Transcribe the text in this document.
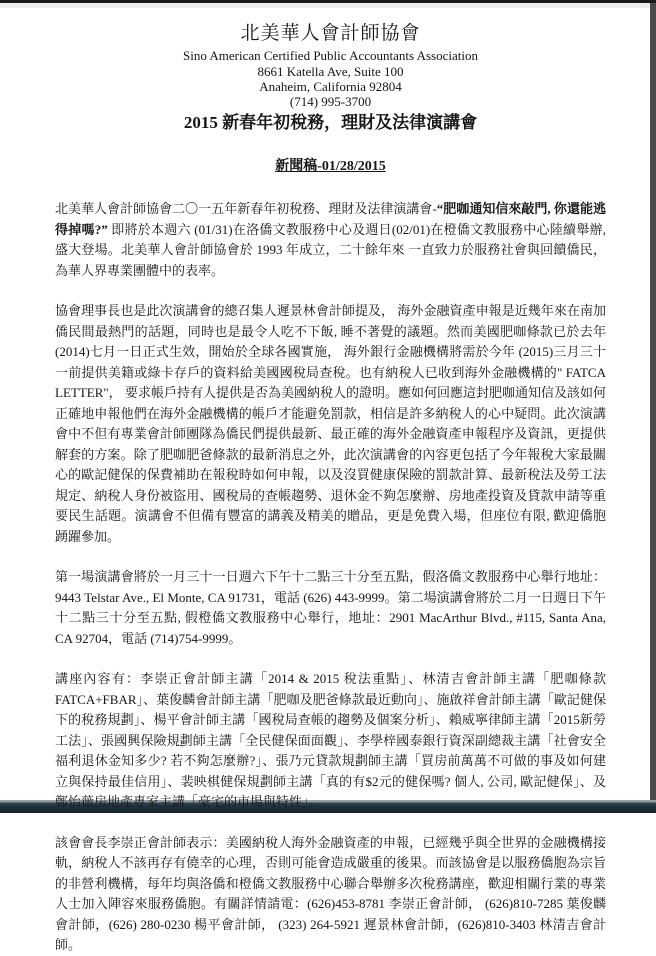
北美華人會計師協會
Sino American Certified Public Accountants Association
8661 Katella Ave, Suite 100
Anaheim, California 92804
(714) 995-3700
2015 新春年初稅務，理財及法律演講會
新聞稿-01/28/2015

北美華人會計師協會二〇一五年新春年初稅務、理財及法律演講會-“肥咖通知信來敲門, 你還能逃得掉嗎?” 即將於本週六 (01/31)在洛僑文教服務中心及週日(02/01)在橙僑文教服務中心陸續舉辦, 盛大登場。北美華人會計師協會於 1993 年成立，二十餘年來 一直致力於服務社會與回饋僑民，為華人界專業團體中的表率。

協會理事長也是此次演講會的總召集人遲景林會計師提及， 海外金融資產申報是近幾年來在南加僑民間最熱門的話題，同時也是最令人吃不下飯, 睡不著覺的議題。然而美國肥咖條款已於去年(2014)七月一日正式生效，開始於全球各國實施， 海外銀行金融機構將需於今年 (2015)三月三十一前提供美籍或綠卡存戶的資料給美國國稅局查稅。也有納稅人已收到海外金融機構的" FATCA LETTER"， 要求帳戶持有人提供是否為美國納稅人的證明。應如何回應這封肥咖通知信及該如何正確地申報他們在海外金融機構的帳戶才能避免罰款，相信是許多納稅人的心中疑問。此次演講會中不但有專業會計師團隊為僑民們提供最新、最正確的海外金融資產申報程序及資訊，更提供解套的方案。除了肥咖肥爸條款的最新消息之外，此次演講會的內容更包括了今年報稅大家最關心的歐記健保的保費補助在報稅時如何申報，以及沒買健康保險的罰款計算、最新稅法及勞工法規定、納稅人身份被盜用、國稅局的查帳趨勢、退休金不夠怎麼辦、房地產投資及貸款申請等重要民生話題。演講會不但備有豐富的講義及精美的贈品，更是免費入場，但座位有限, 歡迎僑胞踴躍參加。

第一場演講會將於一月三十一日週六下午十二點三十分至五點，假洛僑文教服務中心舉行地址：9443 Telstar Ave., El Monte, CA 91731，電話 (626) 443-9999。第二場演講會將於二月一日週日下午十二點三十分至五點, 假橙僑文教服務中心舉行，地址：2901 MacArthur Blvd., #115, Santa Ana, CA 92704，電話 (714)754-9999。

講座內容有：李崇正會計師主講「2014 & 2015 稅法重點」、林清吉會計師主講「肥咖條款FATCA+FBAR」、葉俊麟會計師主講「肥咖及肥爸條款最近動向」、施啟祥會計師主講「歐記健保下的稅務規劃」、楊平會計師主講「國稅局查帳的趨勢及個案分析」、賴威寧律師主講「2015新勞工法」、張國興保險規劃師主講「全民健保面面觀」、李學梓國泰銀行資深副總裁主講「社會安全福利退休金知多少? 若不夠怎麼辦?」、張乃元貸款規劃師主講「買房前萬萬不可做的事及如何建立與保持最佳信用」、裴映棋健保規劃師主講「真的有$2元的健保嗎? 個人, 公司, 歐記健保」、及鄭怡薇房地產專家主講「豪宅的市場與特性」。

該會會長李崇正會計師表示：美國納稅人海外金融資產的申報，已經幾乎與全世界的金融機構接軌，納稅人不該再存有僥幸的心理，否則可能會造成嚴重的後果。而該協會是以服務僑胞為宗旨的非營利機構，每年均與洛僑和橙僑文教服務中心聯合舉辦多次稅務講座，歡迎相關行業的專業人士加入陣容來服務僑胞。有關詳情請電：(626)453-8781 李崇正會計師， (626)810-7285 葉俊麟會計師，(626) 280-0230 楊平會計師， (323) 264-5921 遲景林會計師，(626)810-3403 林清吉會計師。
